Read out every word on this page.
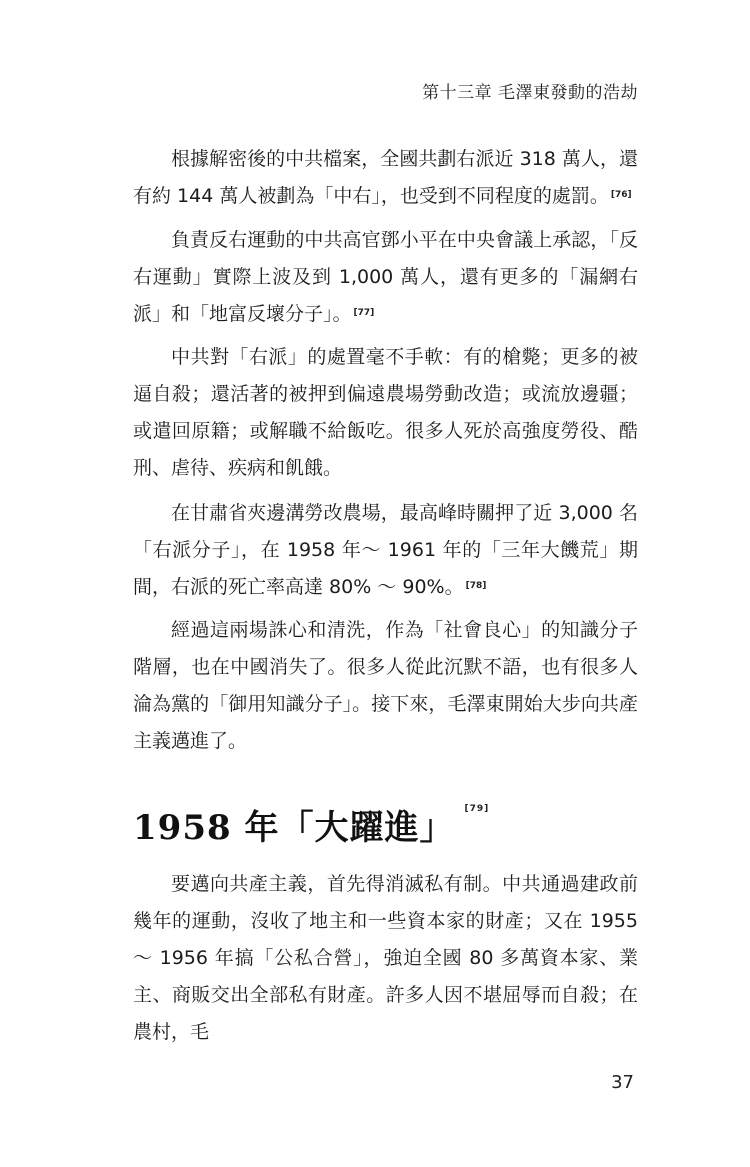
第十三章 毛澤東發動的浩劫

根據解密後的中共檔案，全國共劃右派近 318 萬人，還有約 144 萬人被劃為「中右」，也受到不同程度的處罰。 [76]

負責反右運動的中共高官鄧小平在中央會議上承認，「反右運動」實際上波及到 1,000 萬人，還有更多的「漏網右派」和「地富反壞分子」。 [77]

中共對「右派」的處置毫不手軟：有的槍斃；更多的被逼自殺；還活著的被押到偏遠農場勞動改造；或流放邊疆；或遣回原籍；或解職不給飯吃。很多人死於高強度勞役、酷刑、虐待、疾病和飢餓。

在甘肅省夾邊溝勞改農場，最高峰時關押了近 3,000 名「右派分子」，在 1958 年～ 1961 年的「三年大饑荒」期間，右派的死亡率高達 80% ～ 90%。 [78]

經過這兩場誅心和清洗，作為「社會良心」的知識分子階層，也在中國消失了。很多人從此沉默不語，也有很多人淪為黨的「御用知識分子」。接下來，毛澤東開始大步向共產主義邁進了。

1958 年「大躍進」 [79]

要邁向共產主義，首先得消滅私有制。中共通過建政前幾年的運動，沒收了地主和一些資本家的財產；又在 1955 ～ 1956 年搞「公私合營」，強迫全國 80 多萬資本家、業主、商販交出全部私有財產。許多人因不堪屈辱而自殺；在農村，毛

37
